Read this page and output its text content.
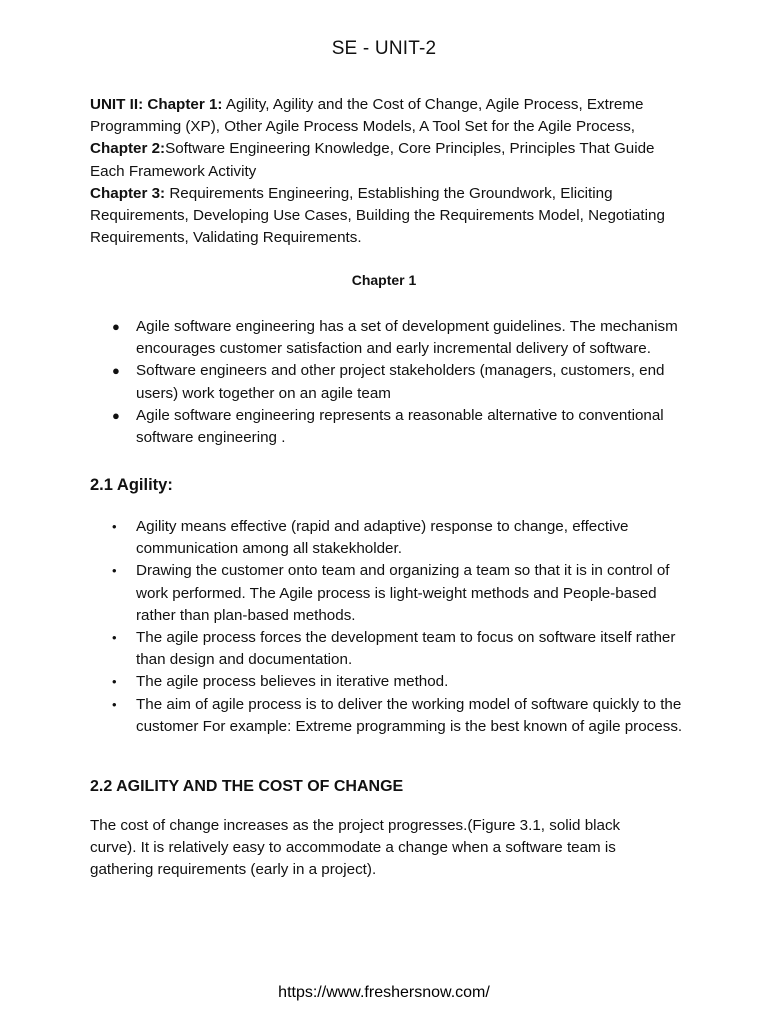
SE - UNIT-2

UNIT II: Chapter 1: Agility, Agility and the Cost of Change, Agile Process, Extreme Programming (XP), Other Agile Process Models, A Tool Set for the Agile Process,

Chapter 2:Software Engineering Knowledge, Core Principles, Principles That Guide Each Framework Activity

Chapter 3: Requirements Engineering, Establishing the Groundwork, Eliciting Requirements, Developing Use Cases, Building the Requirements Model, Negotiating Requirements, Validating Requirements.

Chapter 1
● Agile software engineering has a set of development guidelines. The mechanism encourages customer satisfaction and early incremental delivery of software.
● Software engineers and other project stakeholders (managers, customers, end users) work together on an agile team
● Agile software engineering represents a reasonable alternative to conventional software engineering .
2.1 Agility:
• Agility means effective (rapid and adaptive) response to change, effective communication among all stakekholder.
• Drawing the customer onto team and organizing a team so that it is in control of work performed. The Agile process is light-weight methods and People-based rather than plan-based methods.
• The agile process forces the development team to focus on software itself rather than design and documentation.
• The agile process believes in iterative method.
• The aim of agile process is to deliver the working model of software quickly to the customer For example: Extreme programming is the best known of agile process.
2.2 AGILITY AND THE COST OF CHANGE

The cost of change increases as the project progresses.(Figure 3.1, solid black curve). It is relatively easy to accommodate a change when a software team is gathering requirements (early in a project).

https://www.freshersnow.com/
